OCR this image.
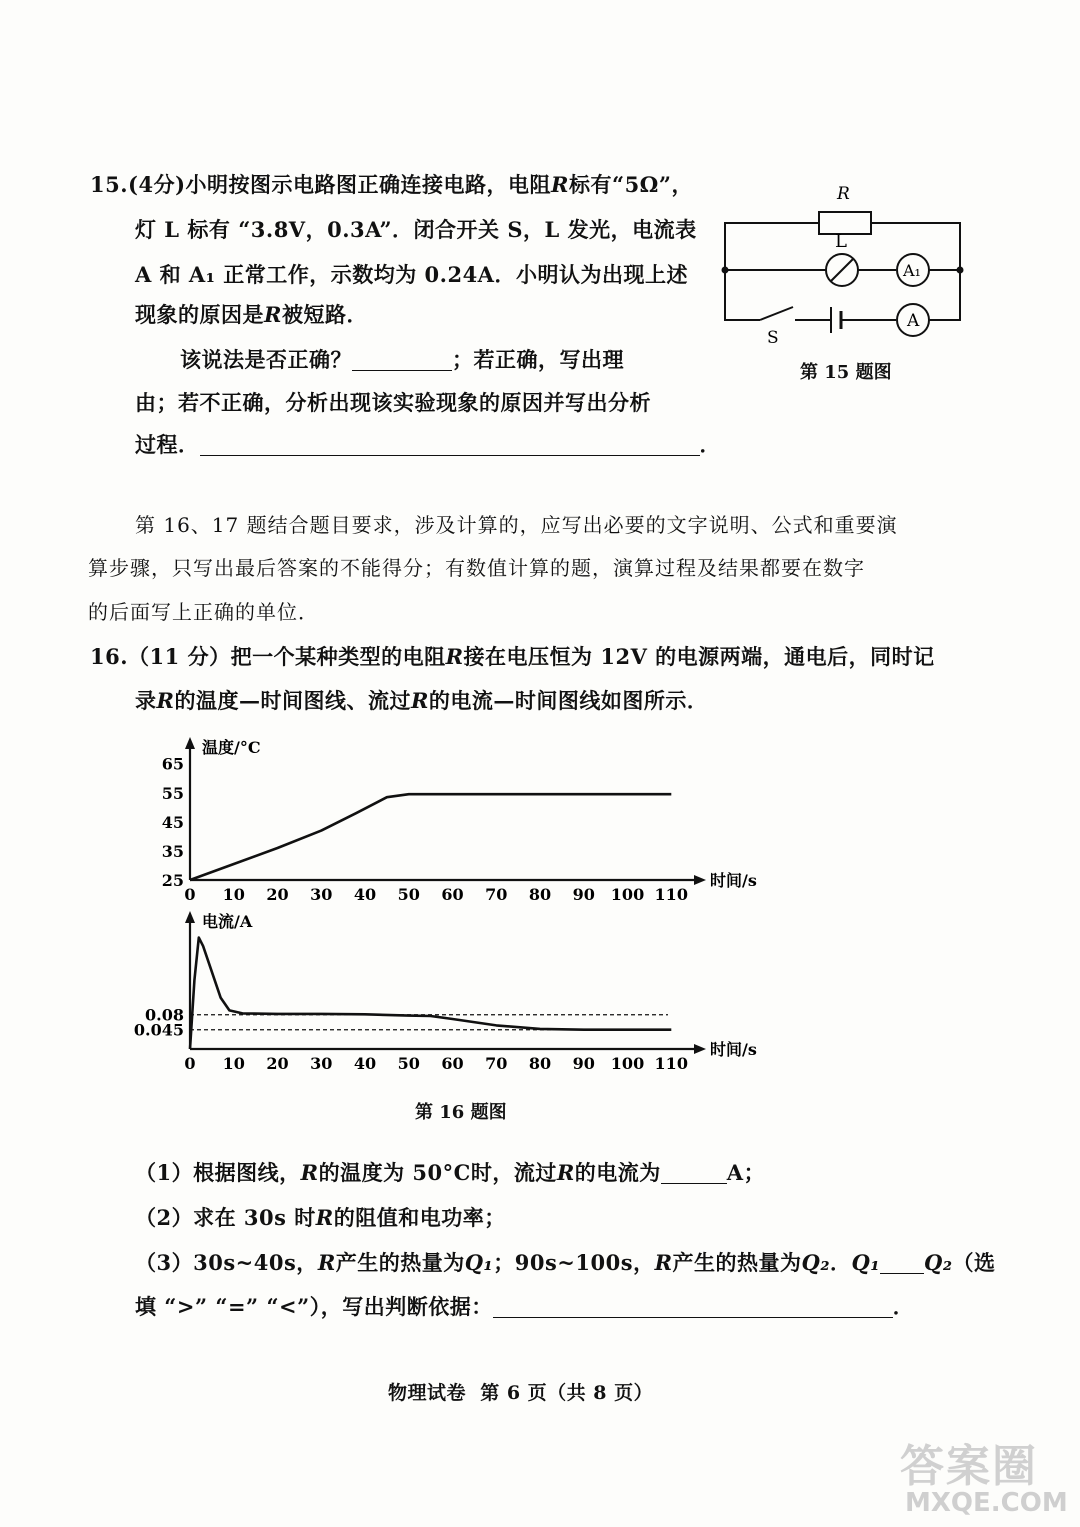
15.(4分)小明按图示电路图正确连接电路，电阻R标有“5Ω”，
灯 L 标有 “3.8V，0.3A”．闭合开关 S，L 发光，电流表
A 和 A₁ 正常工作，示数均为 0.24A．小明认为出现上述
现象的原因是R被短路．
该说法是否正确？	；若正确，写出理
由；若不正确，分析出现该实验现象的原因并写出分析
过程．	．
R
L
A₁
A
S
第 15 题图
第 16、17 题结合题目要求，涉及计算的，应写出必要的文字说明、公式和重要演
算步骤，只写出最后答案的不能得分；有数值计算的题，演算过程及结果都要在数字
的后面写上正确的单位．
16.（11 分）把一个某种类型的电阻R接在电压恒为 12V 的电源两端，通电后，同时记
录R的温度—时间图线、流过R的电流—时间图线如图所示．
温度/°C
时间/s
0 10 20 30 40 50 60 70 80 90 100 110
25
35
45
55
65
电流/A
时间/s
0 10 20 30 40 50 60 70 80 90 100 110
0.08
0.045
第 16 题图
（1）根据图线，R的温度为 50°C时，流过R的电流为	A；
（2）求在 30s 时R的阻值和电功率；
（3）30s~40s，R产生的热量为Q₁；90s~100s，R产生的热量为Q₂．Q₁ Q₂（选
填 “>” “=” “<”），写出判断依据：	．
物理试卷  第 6 页（共 8 页）
答案圈
MXQE.COM
